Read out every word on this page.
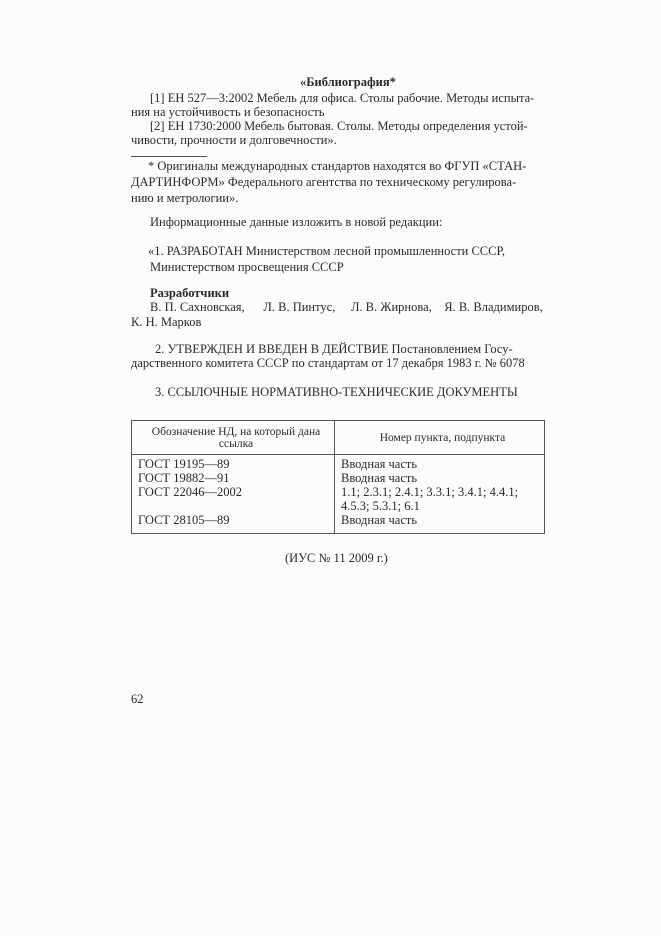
«Библиография*
[1] ЕН 527—3:2002 Мебель для офиса. Столы рабочие. Методы испыта-
ния на устойчивость и безопасность
[2] ЕН 1730:2000 Мебель бытовая. Столы. Методы определения устой-
чивости, прочности и долговечности».
* Оригиналы международных стандартов находятся во ФГУП «СТАН-
ДАРТИНФОРМ» Федерального агентства по техническому регулирова-
нию и метрологии».
Информационные данные изложить в новой редакции:
«1. РАЗРАБОТАН Министерством лесной промышленности СССР,
Министерством просвещения СССР
Разработчики
В. П. Сахновская,      Л. В. Пинтус,     Л. В. Жирнова,    Я. В. Владимиров,
К. Н. Марков
2. УТВЕРЖДЕН И ВВЕДЕН В ДЕЙСТВИЕ Постановлением Госу-
дарственного комитета СССР по стандартам от 17 декабря 1983 г. № 6078
3. ССЫЛОЧНЫЕ НОРМАТИВНО-ТЕХНИЧЕСКИЕ ДОКУМЕНТЫ
Обозначение НД, на который дана ссылка	Номер пункта, подпункта
ГОСТ 19195—89	Вводная часть
ГОСТ 19882—91	Вводная часть
ГОСТ 22046—2002	1.1; 2.3.1; 2.4.1; 3.3.1; 3.4.1; 4.4.1;
4.5.3; 5.3.1; 6.1
ГОСТ 28105—89	Вводная часть
(ИУС № 11 2009 г.)
62
